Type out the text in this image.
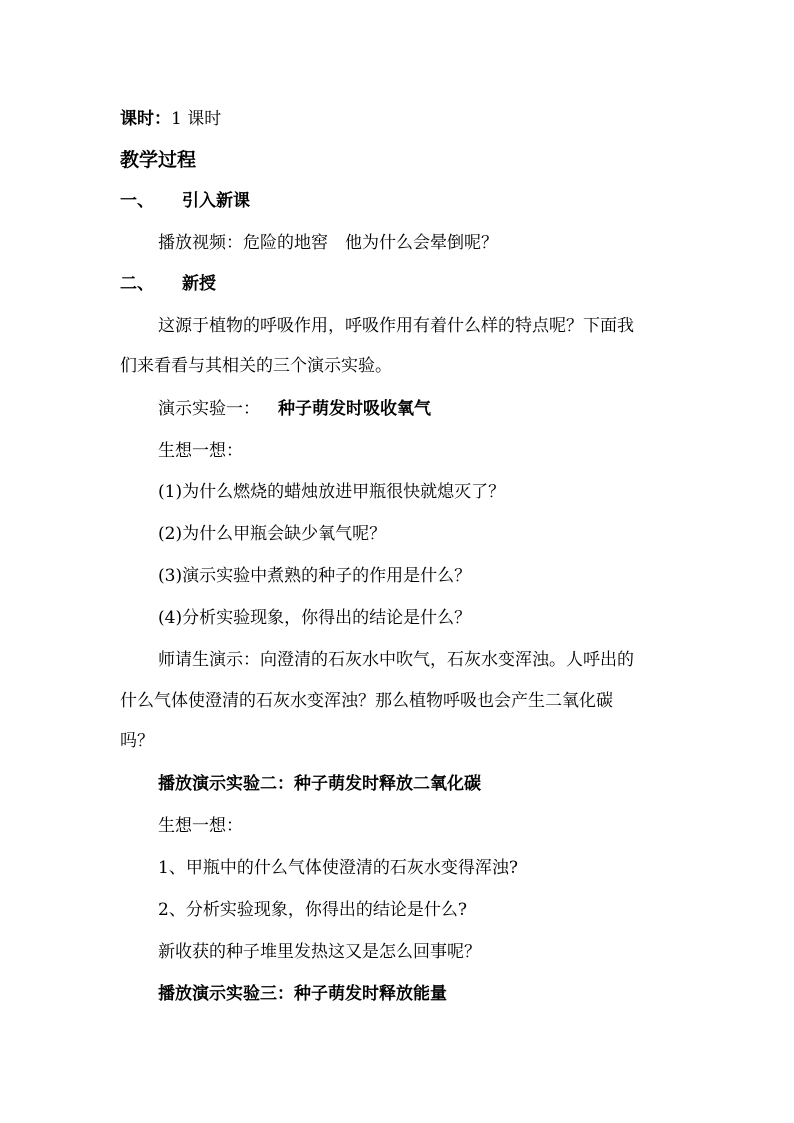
课时：1 课时
教学过程
一、 引入新课
播放视频：危险的地窖　他为什么会晕倒呢？
二、 新授
这源于植物的呼吸作用，呼吸作用有着什么样的特点呢？下面我
们来看看与其相关的三个演示实验。
演示实验一： 种子萌发时吸收氧气
生想一想：
(1)为什么燃烧的蜡烛放进甲瓶很快就熄灭了？
(2)为什么甲瓶会缺少氧气呢？
(3)演示实验中煮熟的种子的作用是什么？
(4)分析实验现象，你得出的结论是什么？
师请生演示：向澄清的石灰水中吹气，石灰水变浑浊。人呼出的
什么气体使澄清的石灰水变浑浊？那么植物呼吸也会产生二氧化碳
吗？
播放演示实验二：种子萌发时释放二氧化碳
生想一想：
1、甲瓶中的什么气体使澄清的石灰水变得浑浊?
2、分析实验现象，你得出的结论是什么?
新收获的种子堆里发热这又是怎么回事呢？
播放演示实验三：种子萌发时释放能量
